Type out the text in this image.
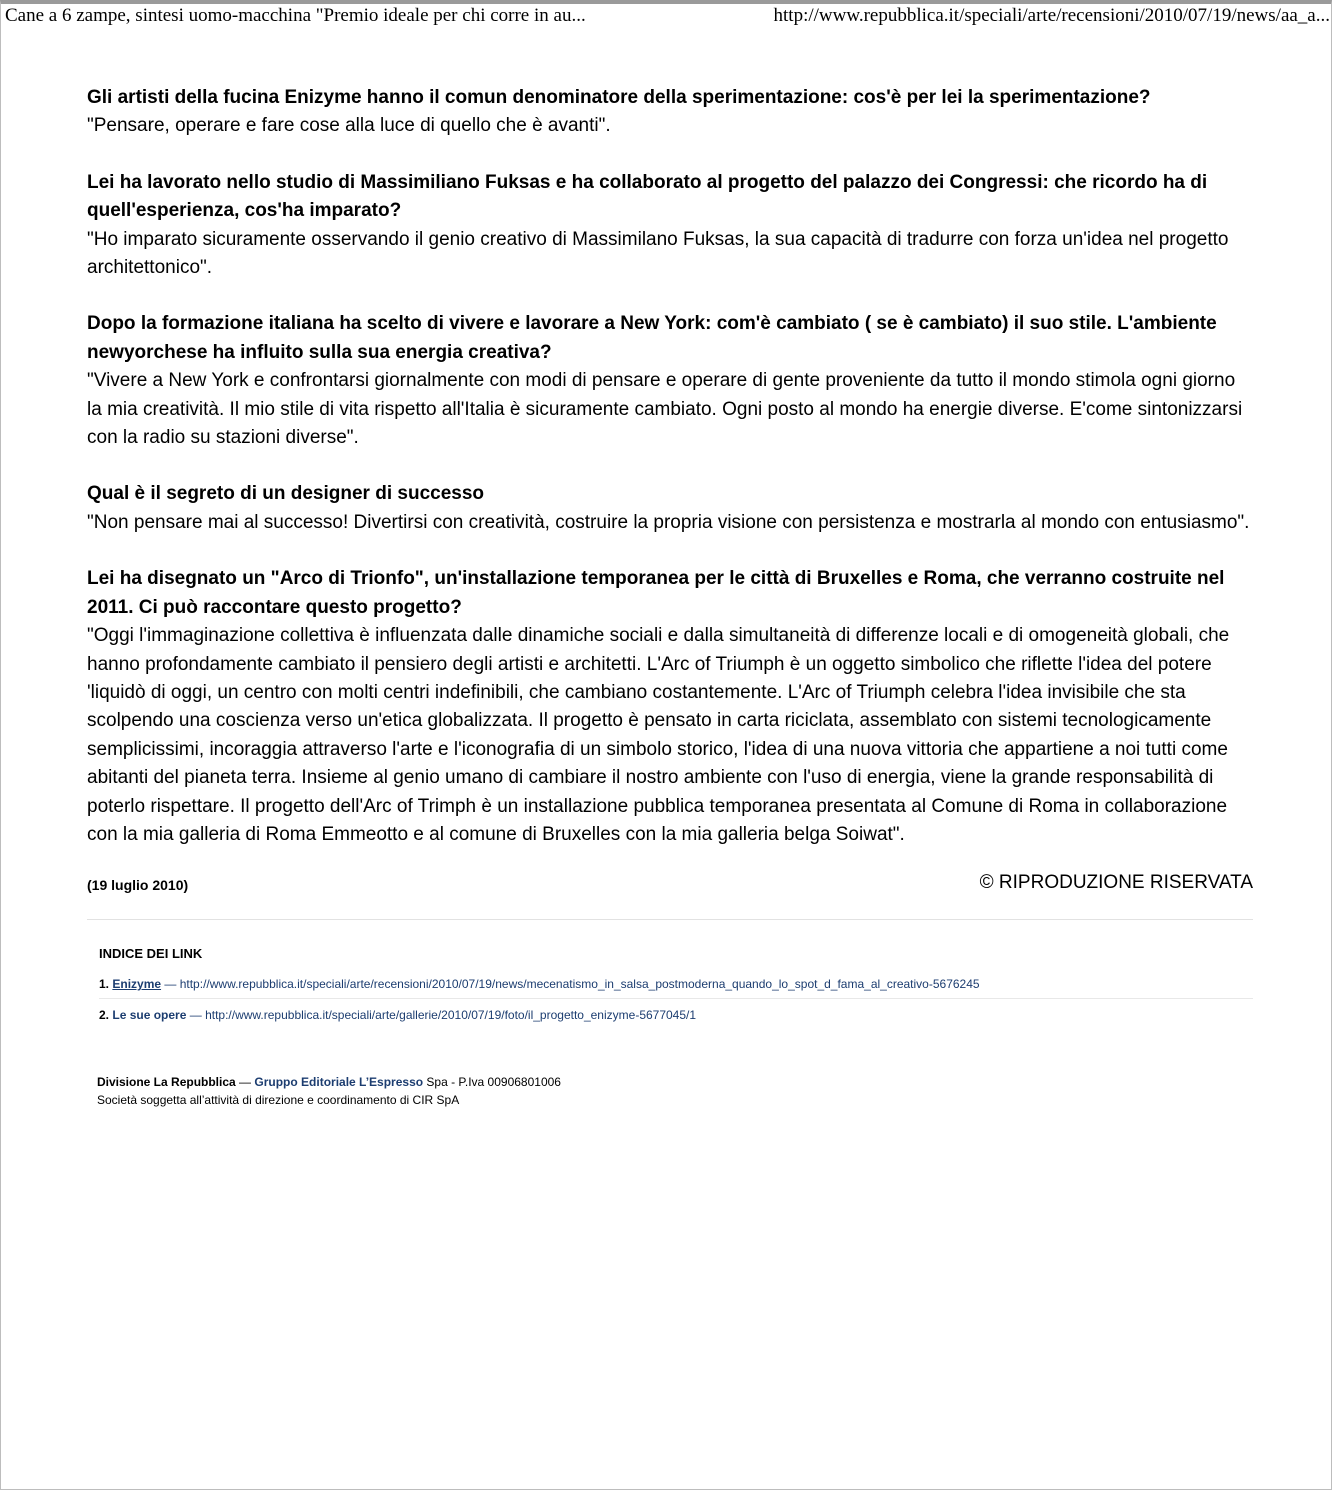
Cane a 6 zampe, sintesi uomo-macchina "Premio ideale per chi corre in au...	http://www.repubblica.it/speciali/arte/recensioni/2010/07/19/news/aa_a...
Gli artisti della fucina Enizyme hanno il comun denominatore della sperimentazione: cos'è per lei la sperimentazione?
"Pensare, operare e fare cose alla luce di quello che è avanti".
Lei ha lavorato nello studio di Massimiliano Fuksas e ha collaborato al progetto del palazzo dei Congressi: che ricordo ha di quell'esperienza, cos'ha imparato?
"Ho imparato sicuramente osservando il genio creativo di Massimilano Fuksas, la sua capacità di tradurre con forza un'idea nel progetto architettonico".
Dopo la formazione italiana ha scelto di vivere e lavorare a New York: com'è cambiato ( se è cambiato) il suo stile. L'ambiente newyorchese ha influito sulla sua energia creativa?
"Vivere a New York e confrontarsi giornalmente con modi di pensare e operare di gente proveniente da tutto il mondo stimola ogni giorno la mia creatività. Il mio stile di vita rispetto all'Italia è sicuramente cambiato. Ogni posto al mondo ha energie diverse. E'come sintonizzarsi con la radio su stazioni diverse".
Qual è il segreto di un designer di successo
"Non pensare mai al successo! Divertirsi con creatività, costruire la propria visione con persistenza e mostrarla al mondo con entusiasmo".
Lei ha disegnato un "Arco di Trionfo", un'installazione temporanea per le città di Bruxelles e Roma, che verranno costruite nel 2011. Ci può raccontare questo progetto?
"Oggi l'immaginazione collettiva è influenzata dalle dinamiche sociali e dalla simultaneità di differenze locali e di omogeneità globali, che hanno profondamente cambiato il pensiero degli artisti e architetti. L'Arc of Triumph è un oggetto simbolico che riflette l'idea del potere 'liquidò di oggi, un centro con molti centri indefinibili, che cambiano costantemente. L'Arc of Triumph celebra l'idea invisibile che sta scolpendo una coscienza verso un'etica globalizzata. Il progetto è pensato in carta riciclata, assemblato con sistemi tecnologicamente semplicissimi, incoraggia attraverso l'arte e l'iconografia di un simbolo storico, l'idea di una nuova vittoria che appartiene a noi tutti come abitanti del pianeta terra. Insieme al genio umano di cambiare il nostro ambiente con l'uso di energia, viene la grande responsabilità di poterlo rispettare. Il progetto dell'Arc of Trimph è un installazione pubblica temporanea presentata al Comune di Roma in collaborazione con la mia galleria di Roma Emmeotto e al comune di Bruxelles con la mia galleria belga Soiwat".
(19 luglio 2010)	© RIPRODUZIONE RISERVATA
INDICE DEI LINK
1. Enizyme — http://www.repubblica.it/speciali/arte/recensioni/2010/07/19/news/mecenatismo_in_salsa_postmoderna_quando_lo_spot_d_fama_al_creativo-5676245
2. Le sue opere — http://www.repubblica.it/speciali/arte/gallerie/2010/07/19/foto/il_progetto_enizyme-5677045/1
Divisione La Repubblica — Gruppo Editoriale L’Espresso Spa - P.Iva 00906801006
Società soggetta all’attività di direzione e coordinamento di CIR SpA
